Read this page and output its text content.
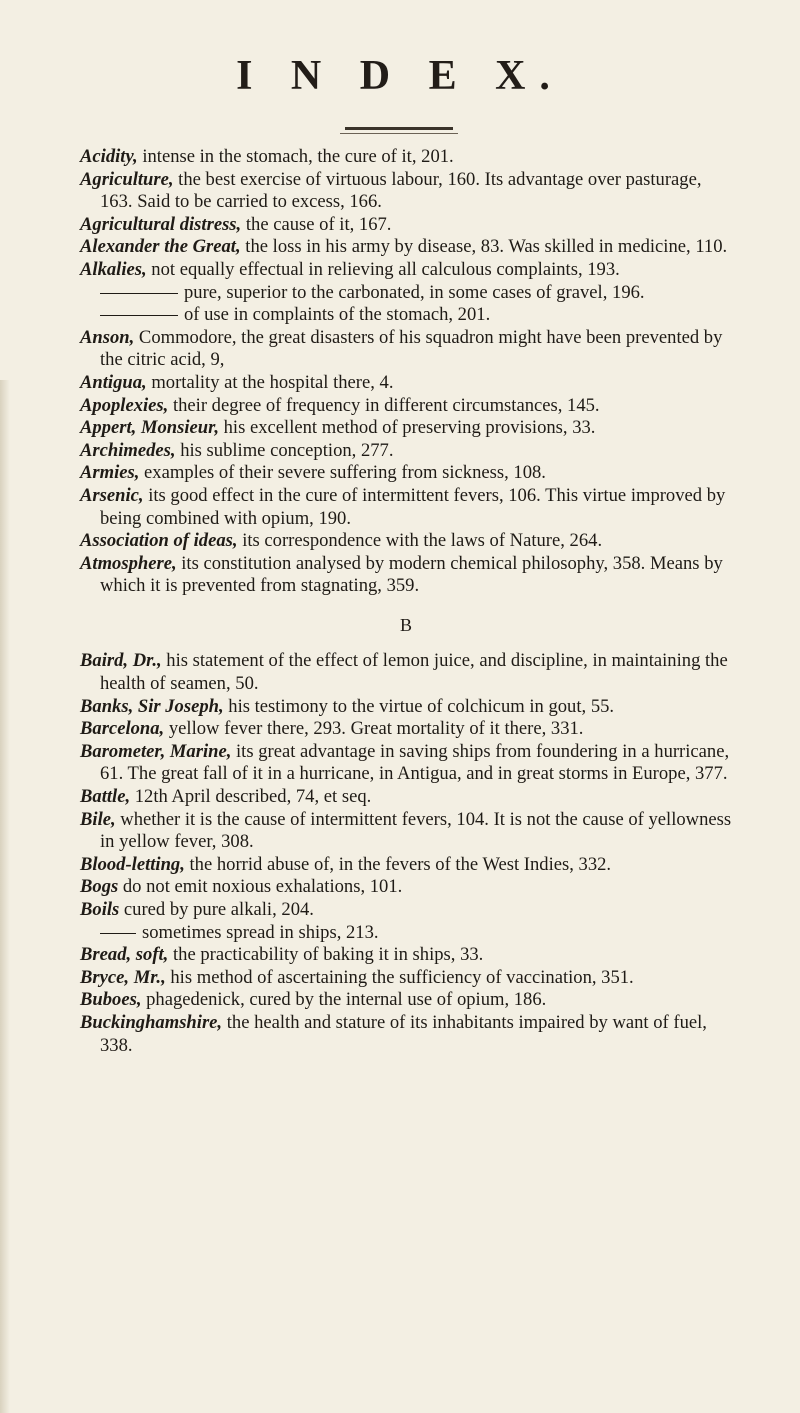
I N D E X.

Acidity, intense in the stomach, the cure of it, 201.

Agriculture, the best exercise of virtuous labour, 160. Its advantage over pasturage, 163. Said to be carried to excess, 166.

Agricultural distress, the cause of it, 167.

Alexander the Great, the loss in his army by disease, 83. Was skilled in medicine, 110.

Alkalies, not equally effectual in relieving all calculous complaints, 193.

pure, superior to the carbonated, in some cases of gravel, 196.

of use in complaints of the stomach, 201.

Anson, Commodore, the great disasters of his squadron might have been prevented by the citric acid, 9,

Antigua, mortality at the hospital there, 4.

Apoplexies, their degree of frequency in different circumstances, 145.

Appert, Monsieur, his excellent method of preserving provisions, 33.

Archimedes, his sublime conception, 277.

Armies, examples of their severe suffering from sickness, 108.

Arsenic, its good effect in the cure of intermittent fevers, 106. This virtue improved by being combined with opium, 190.

Association of ideas, its correspondence with the laws of Nature, 264.

Atmosphere, its constitution analysed by modern chemical philosophy, 358. Means by which it is prevented from stagnating, 359.

B

Baird, Dr., his statement of the effect of lemon juice, and discipline, in maintaining the health of seamen, 50.

Banks, Sir Joseph, his testimony to the virtue of colchicum in gout, 55.

Barcelona, yellow fever there, 293. Great mortality of it there, 331.

Barometer, Marine, its great advantage in saving ships from foundering in a hurricane, 61. The great fall of it in a hurricane, in Antigua, and in great storms in Europe, 377.

Battle, 12th April described, 74, et seq.

Bile, whether it is the cause of intermittent fevers, 104. It is not the cause of yellowness in yellow fever, 308.

Blood-letting, the horrid abuse of, in the fevers of the West Indies, 332.

Bogs do not emit noxious exhalations, 101.

Boils cured by pure alkali, 204.

sometimes spread in ships, 213.

Bread, soft, the practicability of baking it in ships, 33.

Bryce, Mr., his method of ascertaining the sufficiency of vaccination, 351.

Buboes, phagedenick, cured by the internal use of opium, 186.

Buckinghamshire, the health and stature of its inhabitants impaired by want of fuel, 338.
